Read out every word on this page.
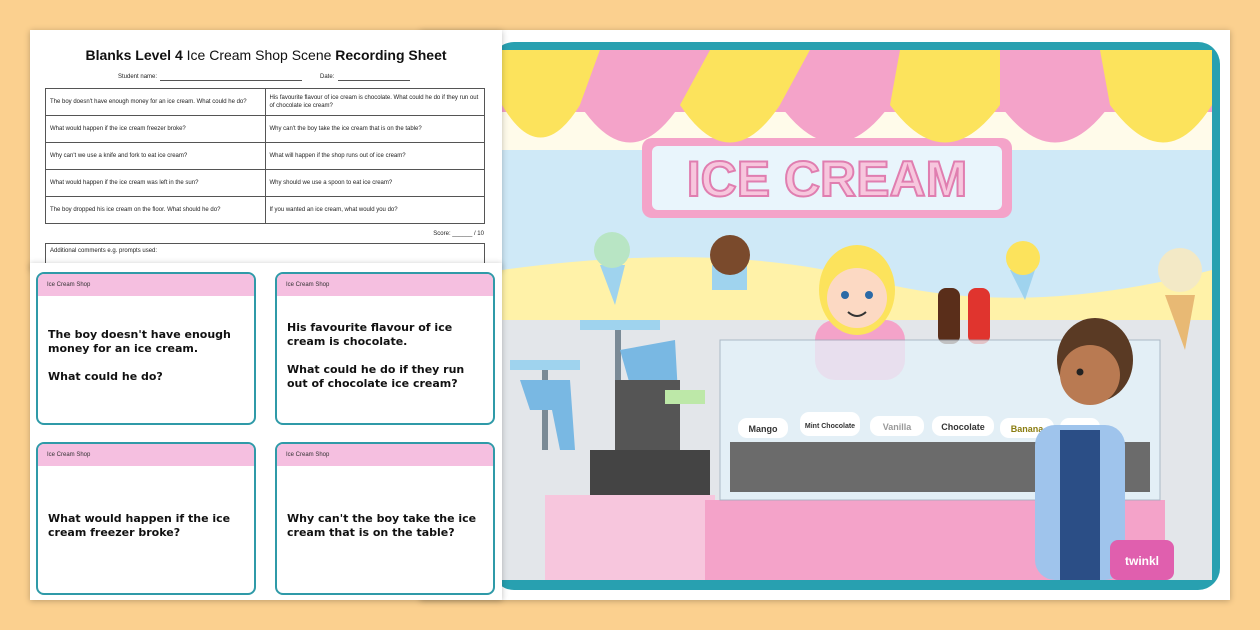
ICE CREAM
Mango	Mint Chocolate	Vanilla	Chocolate	Banana
twinkl
Blanks Level 4 Ice Cream Shop Scene Recording Sheet
Student name:	Date:
The boy doesn't have enough money for an ice cream. What could he do?	His favourite flavour of ice cream is chocolate. What could he do if they run out of chocolate ice cream?
What would happen if the ice cream freezer broke?	Why can't the boy take the ice cream that is on the table?
Why can't we use a knife and fork to eat ice cream?	What will happen if the shop runs out of ice cream?
What would happen if the ice cream was left in the sun?	Why should we use a spoon to eat ice cream?
The boy dropped his ice cream on the floor. What should he do?	If you wanted an ice cream, what would you do?
Score: ______ / 10
Additional comments e.g. prompts used:
Ice Cream Shop

The boy doesn't have enough money for an ice cream.

What could he do?

Ice Cream Shop

His favourite flavour of ice cream is chocolate.

What could he do if they run out of chocolate ice cream?

Ice Cream Shop

What would happen if the ice cream freezer broke?

Ice Cream Shop

Why can't the boy take the ice cream that is on the table?
